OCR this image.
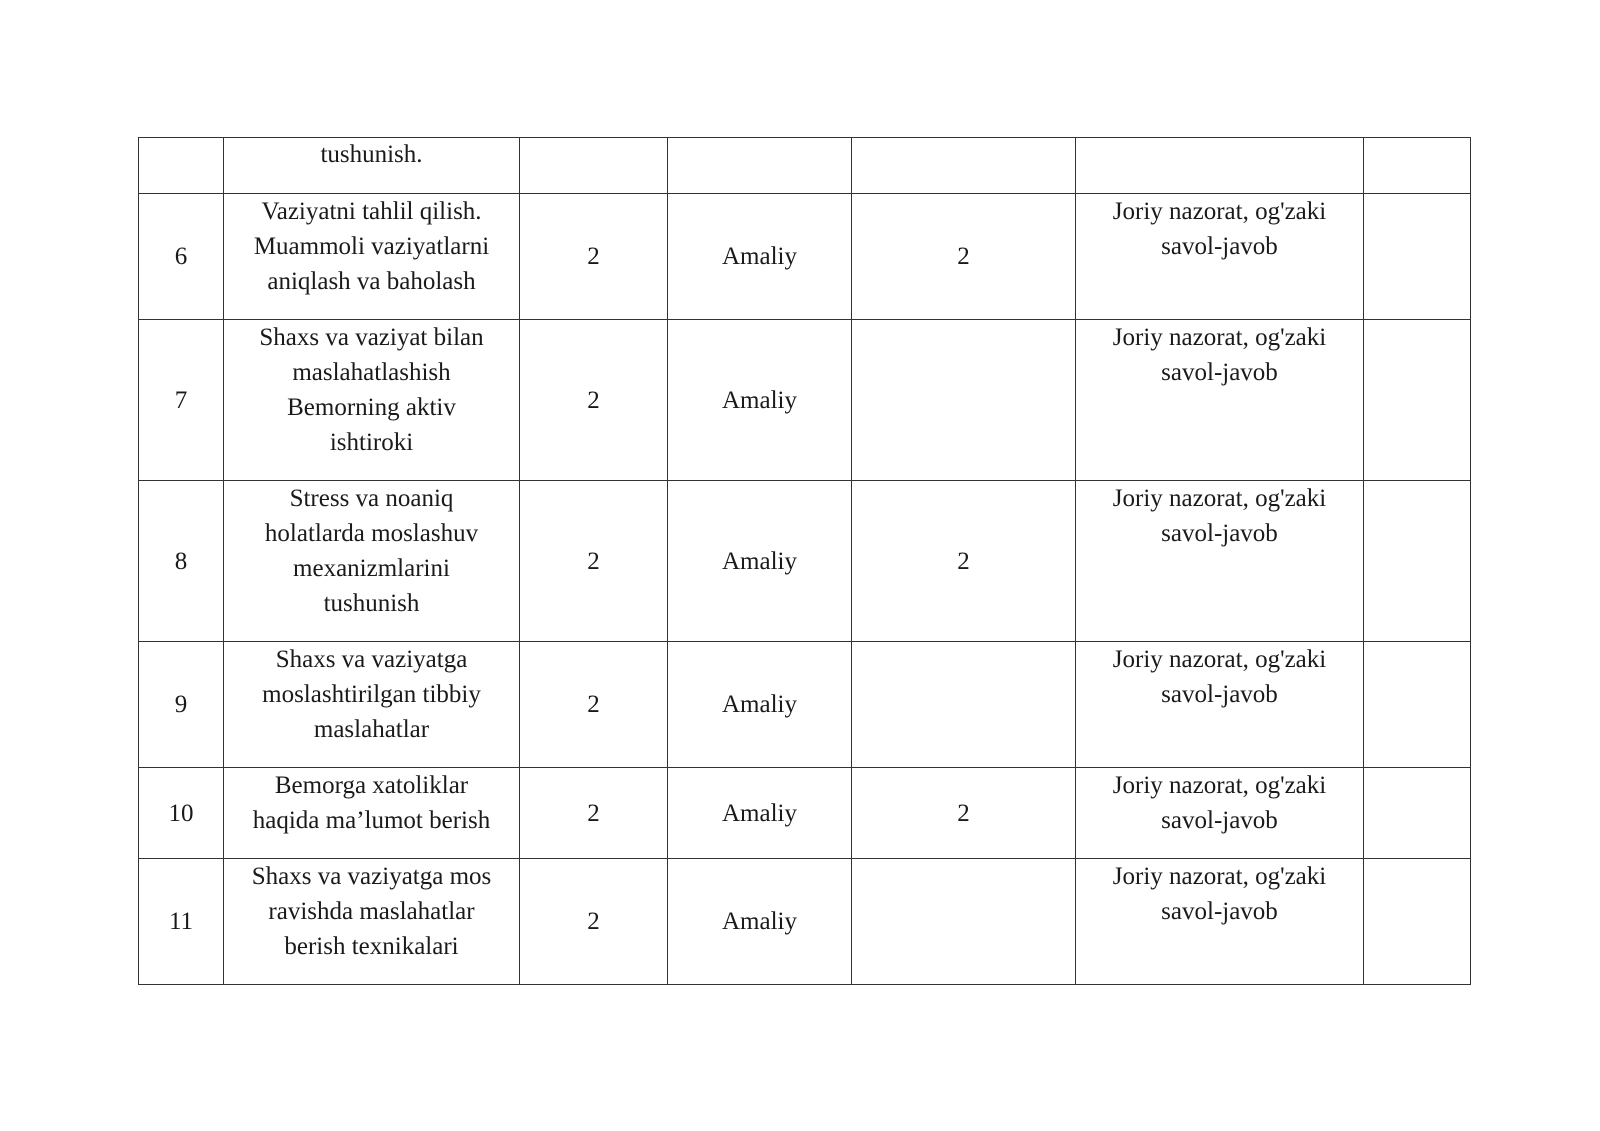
	tushunish.					

6	Vaziyatni tahlil qilish.
Muammoli vaziyatlarni
aniqlash va baholash	2	Amaliy	2	Joriy nazorat, og'zaki
savol-javob	

7	Shaxs va vaziyat bilan
maslahatlashish
Bemorning aktiv
ishtiroki	2	Amaliy		Joriy nazorat, og'zaki
savol-javob	

8	Stress va noaniq
holatlarda moslashuv
mexanizmlarini
tushunish	2	Amaliy	2	Joriy nazorat, og'zaki
savol-javob	

9	Shaxs va vaziyatga
moslashtirilgan tibbiy
maslahatlar	2	Amaliy		Joriy nazorat, og'zaki
savol-javob	

10	Bemorga xatoliklar
haqida ma’lumot berish	2	Amaliy	2	Joriy nazorat, og'zaki
savol-javob	

11	Shaxs va vaziyatga mos
ravishda maslahatlar
berish texnikalari	2	Amaliy		Joriy nazorat, og'zaki
savol-javob	
